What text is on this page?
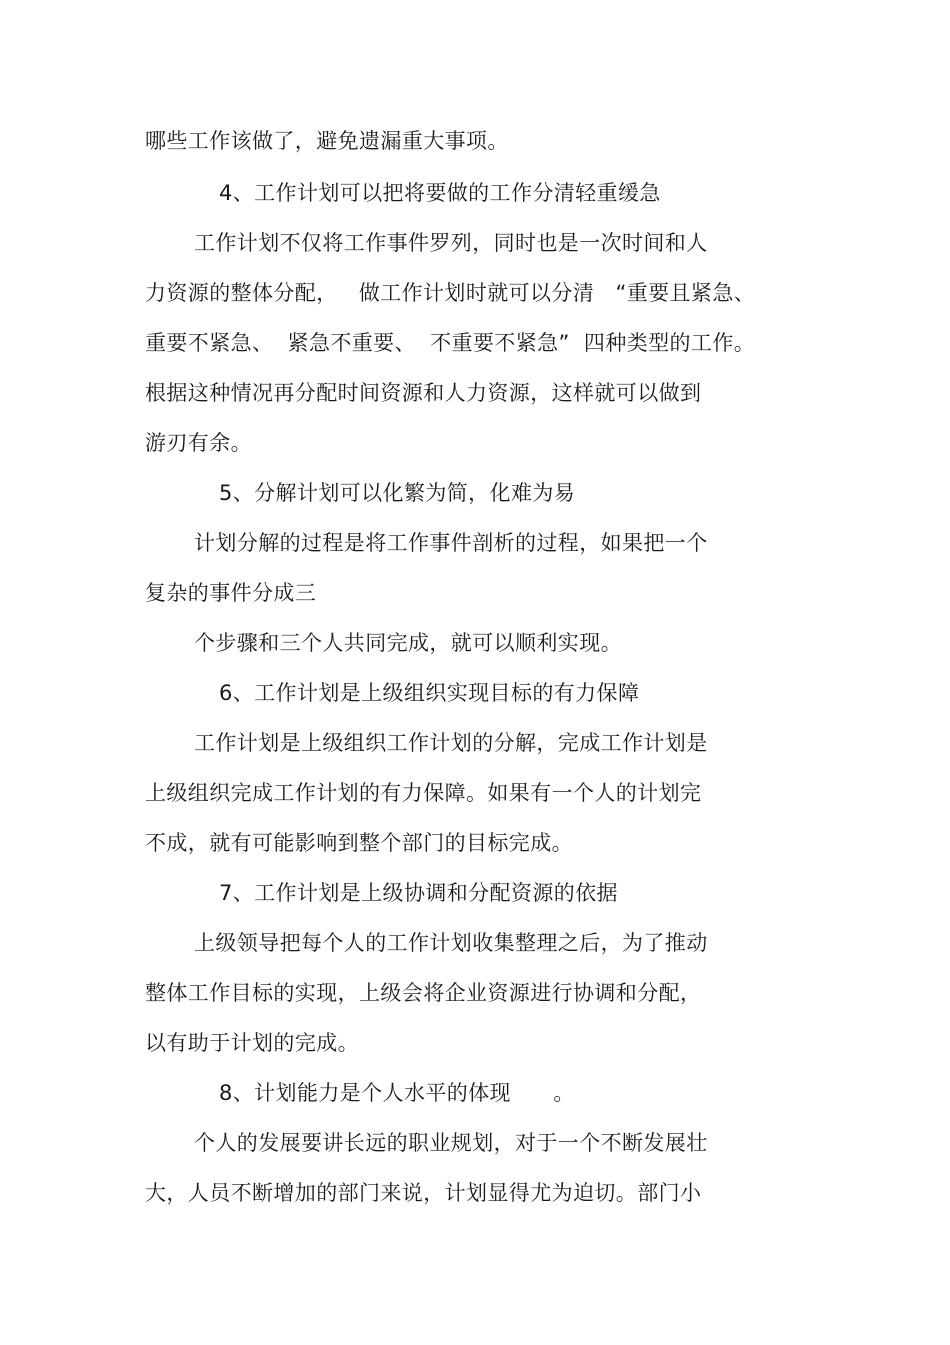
哪些工作该做了，避免遗漏重大事项。
4、工作计划可以把将要做的工作分清轻重缓急
工作计划不仅将工作事件罗列，同时也是一次时间和人
力资源的整体分配，   做工作计划时就可以分清   “重要且紧急、
重要不紧急、  紧急不重要、  不重要不紧急”  四种类型的工作。
根据这种情况再分配时间资源和人力资源，这样就可以做到
游刃有余。
5、分解计划可以化繁为简，化难为易
计划分解的过程是将工作事件剖析的过程，如果把一个
复杂的事件分成三
个步骤和三个人共同完成，就可以顺利实现。
6、工作计划是上级组织实现目标的有力保障
工作计划是上级组织工作计划的分解，完成工作计划是
上级组织完成工作计划的有力保障。如果有一个人的计划完
不成，就有可能影响到整个部门的目标完成。
7、工作计划是上级协调和分配资源的依据
上级领导把每个人的工作计划收集整理之后，为了推动
整体工作目标的实现，上级会将企业资源进行协调和分配，
以有助于计划的完成。
8、计划能力是个人水平的体现      。
个人的发展要讲长远的职业规划，对于一个不断发展壮
大，人员不断增加的部门来说，计划显得尤为迫切。部门小
